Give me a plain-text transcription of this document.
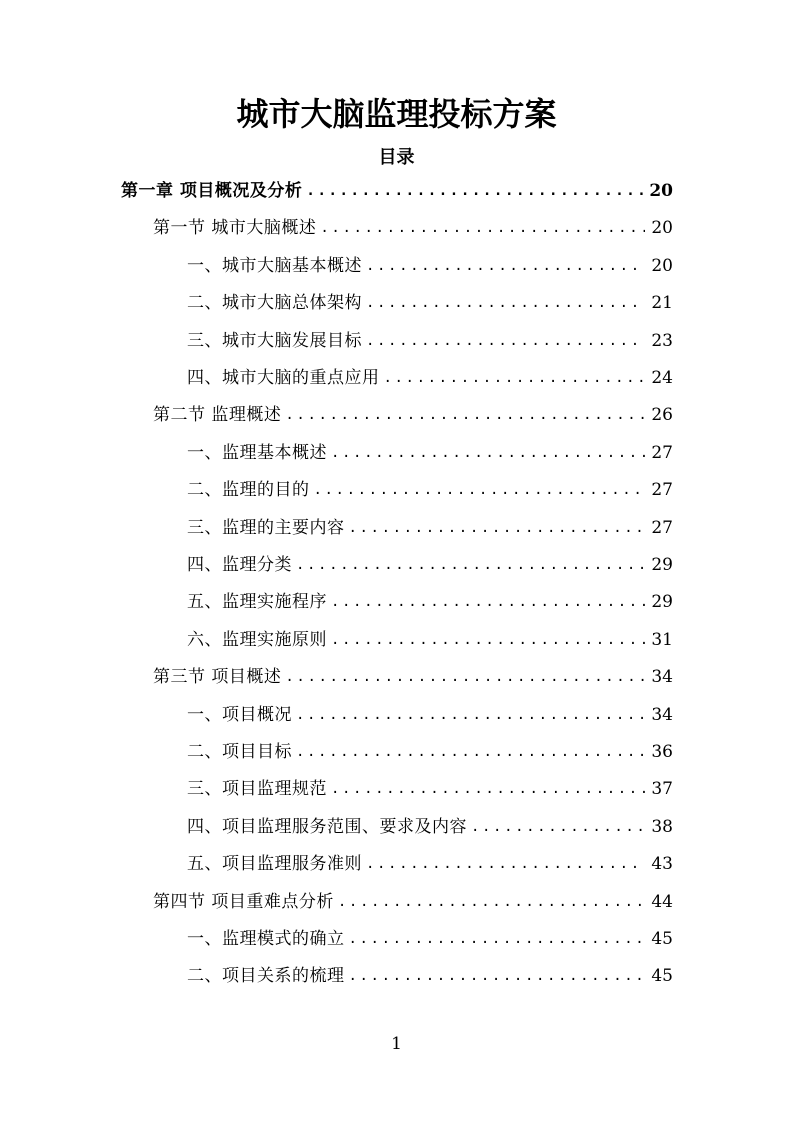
城市大脑监理投标方案
目录
第一章 项目概况及分析 .....	20
第一节 城市大脑概述 .....	20
一、城市大脑基本概述 .....	20
二、城市大脑总体架构 .....	21
三、城市大脑发展目标 .....	23
四、城市大脑的重点应用 .....	24
第二节 监理概述 .....	26
一、监理基本概述 .....	27
二、监理的目的 .....	27
三、监理的主要内容 .....	27
四、监理分类 .....	29
五、监理实施程序 .....	29
六、监理实施原则 .....	31
第三节 项目概述 .....	34
一、项目概况 .....	34
二、项目目标 .....	36
三、项目监理规范 .....	37
四、项目监理服务范围、要求及内容 .....	38
五、项目监理服务准则 .....	43
第四节 项目重难点分析 .....	44
一、监理模式的确立 .....	45
二、项目关系的梳理 .....	45
1
